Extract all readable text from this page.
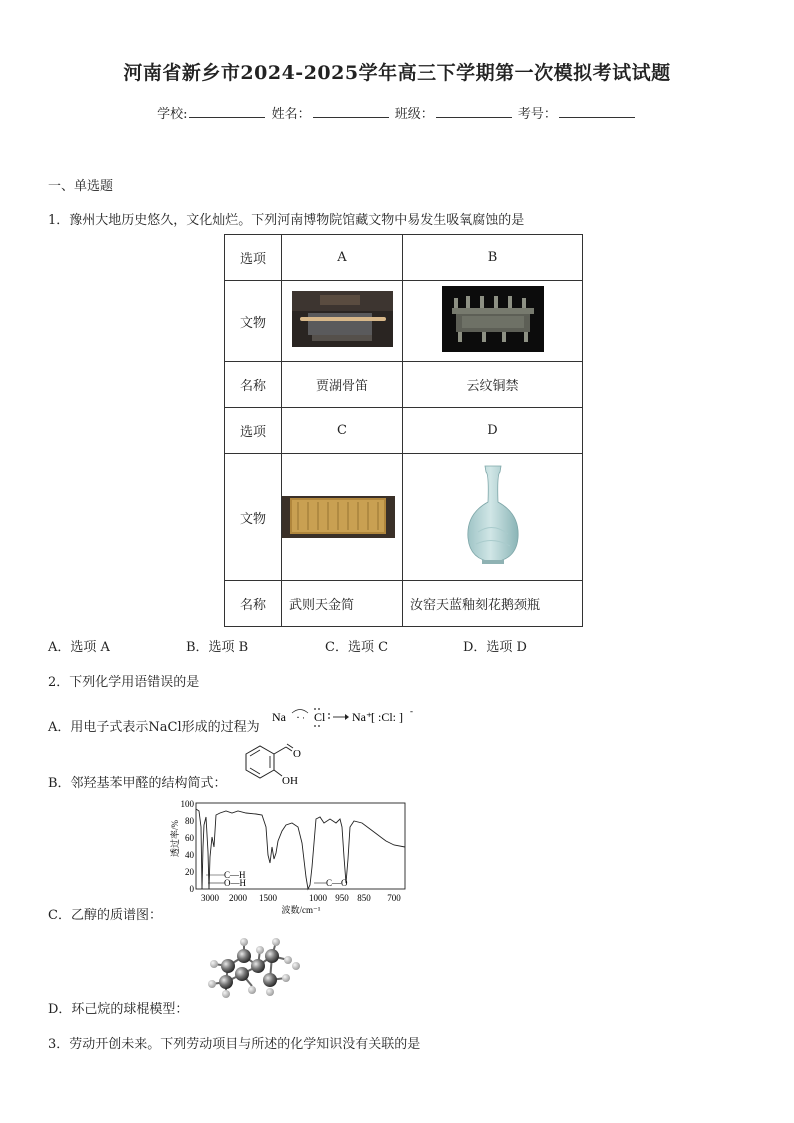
河南省新乡市2024-2025学年高三下学期第一次模拟考试试题
学校:	姓名：	班级：	考号：
一、单选题
1．豫州大地历史悠久，文化灿烂。下列河南博物院馆藏文物中易发生吸氧腐蚀的是
选项	A	B
文物		
名称	贾湖骨笛	云纹铜禁
选项	C	D
文物	

名称	武则天金简	汝窑天蓝釉刻花鹅颈瓶
A．选项 A	B．选项 B	C．选项 C	D．选项 D
2．下列化学用语错误的是
A．用电子式表示NaCl形成的过程为
Na · · Cl Na⁺
[ :Cl: ] -
B．邻羟基苯甲醛的结构简式：
O
OH
C．乙醇的质谱图：
100
80
60
40
20
0
透过率/%
3000 2000 1500	1000 950 850 700
波数/cm⁻¹
C—H
O—H	C—O
D．环己烷的球棍模型：
3．劳动开创未来。下列劳动项目与所述的化学知识没有关联的是
